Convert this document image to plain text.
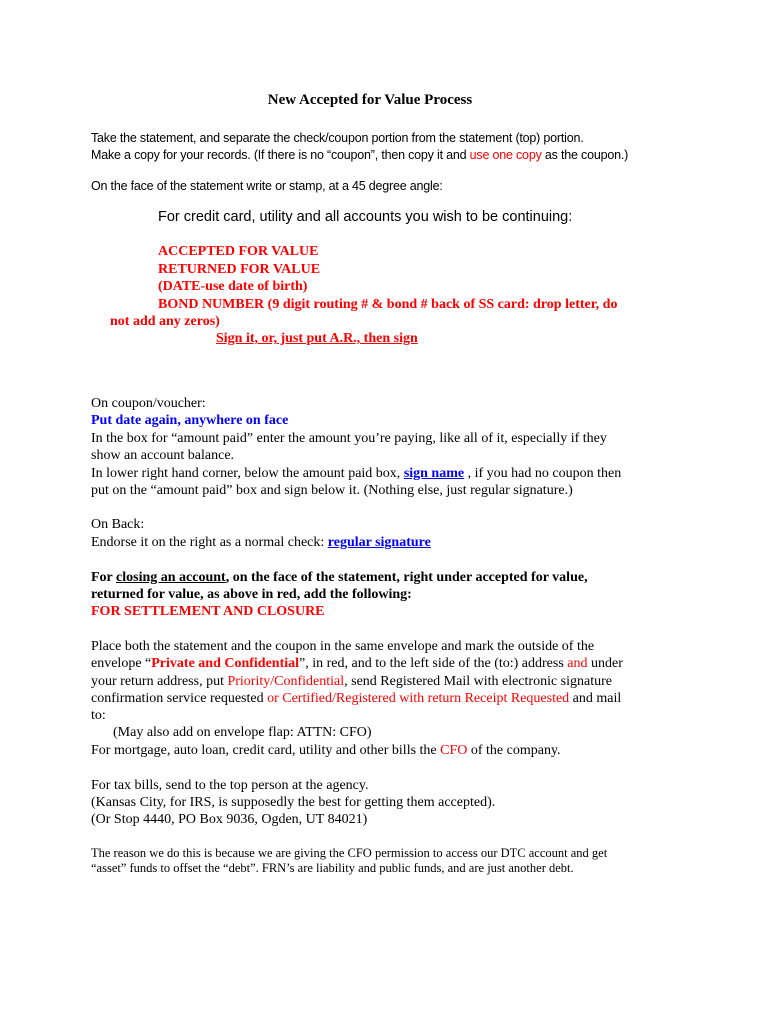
New Accepted for Value Process
Take the statement, and separate the check/coupon portion from the statement (top) portion.
Make a copy for your records. (If there is no “coupon”, then copy it and use one copy as the coupon.)
On the face of the statement write or stamp, at a 45 degree angle:
For credit card, utility and all accounts you wish to be continuing:
ACCEPTED FOR VALUE
RETURNED FOR VALUE
(DATE-use date of birth)
BOND NUMBER (9 digit routing # & bond # back of SS card: drop letter, do
not add any zeros)
Sign it, or, just put A.R., then sign
On coupon/voucher:
Put date again, anywhere on face
In the box for “amount paid” enter the amount you’re paying, like all of it, especially if they
show an account balance.
In lower right hand corner, below the amount paid box, sign name , if you had no coupon then
put on the “amount paid” box and sign below it. (Nothing else, just regular signature.)
On Back:
Endorse it on the right as a normal check: regular signature
For closing an account, on the face of the statement, right under accepted for value,
returned for value, as above in red, add the following:
FOR SETTLEMENT AND CLOSURE
Place both the statement and the coupon in the same envelope and mark the outside of the
envelope “Private and Confidential”, in red, and to the left side of the (to:) address and under
your return address, put Priority/Confidential, send Registered Mail with electronic signature
confirmation service requested or Certified/Registered with return Receipt Requested and mail
to:
(May also add on envelope flap: ATTN: CFO)
For mortgage, auto loan, credit card, utility and other bills the CFO of the company.
For tax bills, send to the top person at the agency.
(Kansas City, for IRS, is supposedly the best for getting them accepted).
(Or Stop 4440, PO Box 9036, Ogden, UT 84021)
The reason we do this is because we are giving the CFO permission to access our DTC account and get
“asset” funds to offset the “debt”. FRN’s are liability and public funds, and are just another debt.
